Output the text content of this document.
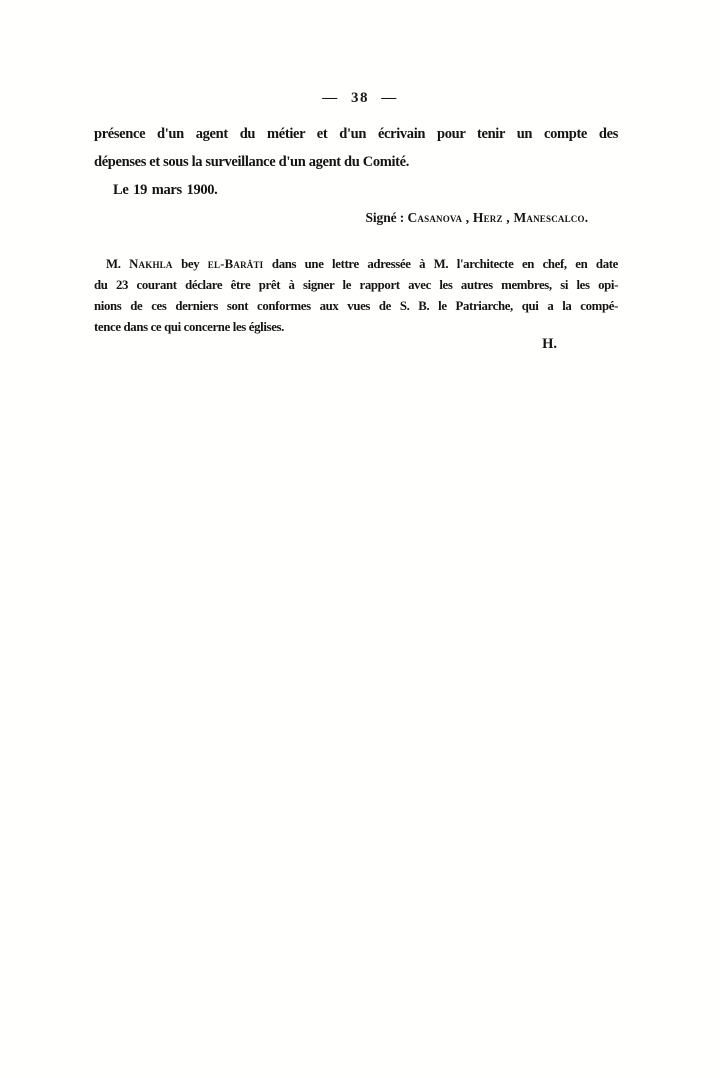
— 38 —
présence d'un agent du métier et d'un écrivain pour tenir un compte des
dépenses et sous la surveillance d'un agent du Comité.
Le 19 mars 1900.
Signé : Casanova , Herz , Manescalco.
M. Nakhla bey el-Barâti dans une lettre adressée à M. l'architecte en chef, en date
du 23 courant déclare être prêt à signer le rapport avec les autres membres, si les opi-
nions de ces derniers sont conformes aux vues de S. B. le Patriarche, qui a la compé-
tence dans ce qui concerne les églises.
H.
